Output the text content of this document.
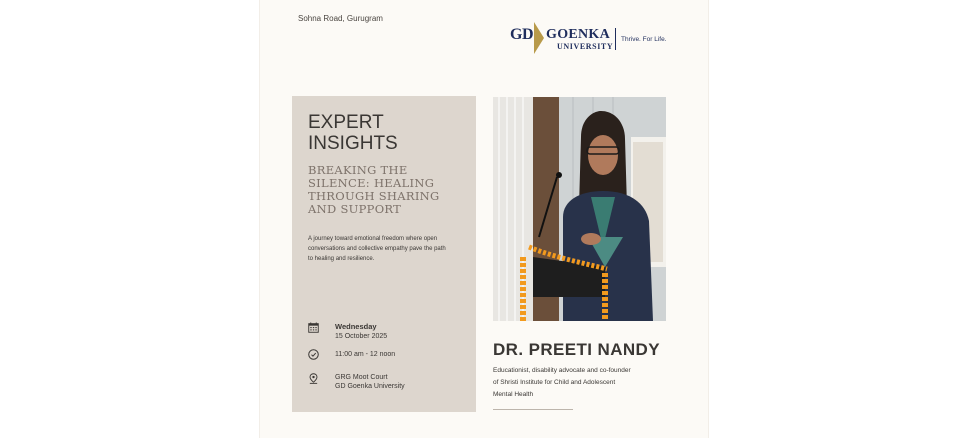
Sohna Road, Gurugram
GD GOENKA
UNIVERSITY
Thrive. For Life.
EXPERT
INSIGHTS
BREAKING THE SILENCE: HEALING THROUGH SHARING AND SUPPORT
A journey toward emotional freedom where open conversations and collective empathy pave the path to healing and resilience.
Wednesday
15 October 2025
11:00 am - 12 noon
GRG Moot Court
GD Goenka University
DR. PREETI NANDY
Educationist, disability advocate and co-founder of Shristi Institute for Child and Adolescent Mental Health
